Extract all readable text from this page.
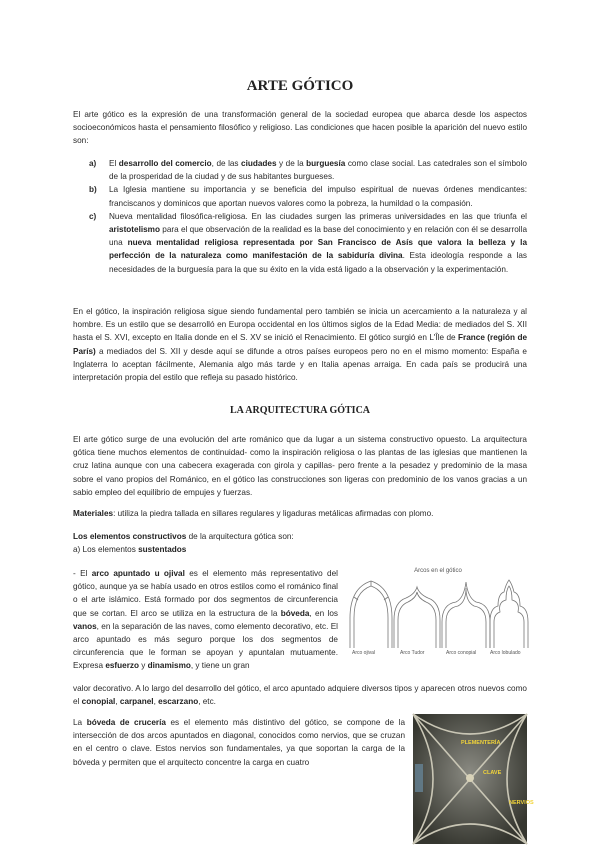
ARTE GÓTICO

El arte gótico es la expresión de una transformación general de la sociedad europea que abarca desde los aspectos socioeconómicos hasta el pensamiento filosófico y religioso. Las condiciones que hacen posible la aparición del nuevo estilo son:

a) El desarrollo del comercio, de las ciudades y de la burguesía como clase social. Las catedrales son el símbolo de la prosperidad de la ciudad y de sus habitantes burgueses.
b) La Iglesia mantiene su importancia y se beneficia del impulso espiritual de nuevas órdenes mendicantes: franciscanos y dominicos que aportan nuevos valores como la pobreza, la humildad o la compasión.
c) Nueva mentalidad filosófica-religiosa. En las ciudades surgen las primeras universidades en las que triunfa el aristotelismo para el que observación de la realidad es la base del conocimiento y en relación con él se desarrolla una nueva mentalidad religiosa representada por San Francisco de Asís que valora la belleza y la perfección de la naturaleza como manifestación de la sabiduría divina. Esta ideología responde a las necesidades de la burguesía para la que su éxito en la vida está ligado a la observación y la experimentación.

En el gótico, la inspiración religiosa sigue siendo fundamental pero también se inicia un acercamiento a la naturaleza y al hombre. Es un estilo que se desarrolló en Europa occidental en los últimos siglos de la Edad Media: de mediados del S. XII hasta el S. XVI, excepto en Italia donde en el S. XV se inició el Renacimiento. El gótico surgió en L'Île de France (región de París) a mediados del S. XII y desde aquí se difunde a otros países europeos pero no en el mismo momento: España e Inglaterra lo aceptan fácilmente, Alemania algo más tarde y en Italia apenas arraiga. En cada país se producirá una interpretación propia del estilo que refleja su pasado histórico.

LA ARQUITECTURA GÓTICA

El arte gótico surge de una evolución del arte románico que da lugar a un sistema constructivo opuesto. La arquitectura gótica tiene muchos elementos de continuidad- como la inspiración religiosa o las plantas de las iglesias que mantienen la cruz latina aunque con una cabecera exagerada con girola y capillas- pero frente a la pesadez y predominio de la masa sobre el vano propios del Románico, en el gótico las construcciones son ligeras con predominio de los vanos gracias a un sabio empleo del equilibrio de empujes y fuerzas.

Materiales: utiliza la piedra tallada en sillares regulares y ligaduras metálicas afirmadas con plomo.

Los elementos constructivos de la arquitectura gótica son:
a) Los elementos sustentados

- El arco apuntado u ojival es el elemento más representativo del gótico, aunque ya se había usado en otros estilos como el románico final o el arte islámico. Está formado por dos segmentos de circunferencia que se cortan. El arco se utiliza en la estructura de la bóveda, en los vanos, en la separación de las naves, como elemento decorativo, etc. El arco apuntado es más seguro porque los dos segmentos de circunferencia que le forman se apoyan y apuntalan mutuamente. Expresa esfuerzo y dinamismo, y tiene un gran

valor decorativo. A lo largo del desarrollo del gótico, el arco apuntado adquiere diversos tipos y aparecen otros nuevos como el conopial, carpanel, escarzano, etc.

La bóveda de crucería es el elemento más distintivo del gótico, se compone de la intersección de dos arcos apuntados en diagonal, conocidos como nervios, que se cruzan en el centro o clave. Estos nervios son fundamentales, ya que soportan la carga de la bóveda y permiten que el arquitecto concentre la carga en cuatro

Arcos en el gótico
Arco ojival	Arco Tudor	Arco conopial	Arco lobulado
PLEMENTERÍA
CLAVE
NERVIOS
